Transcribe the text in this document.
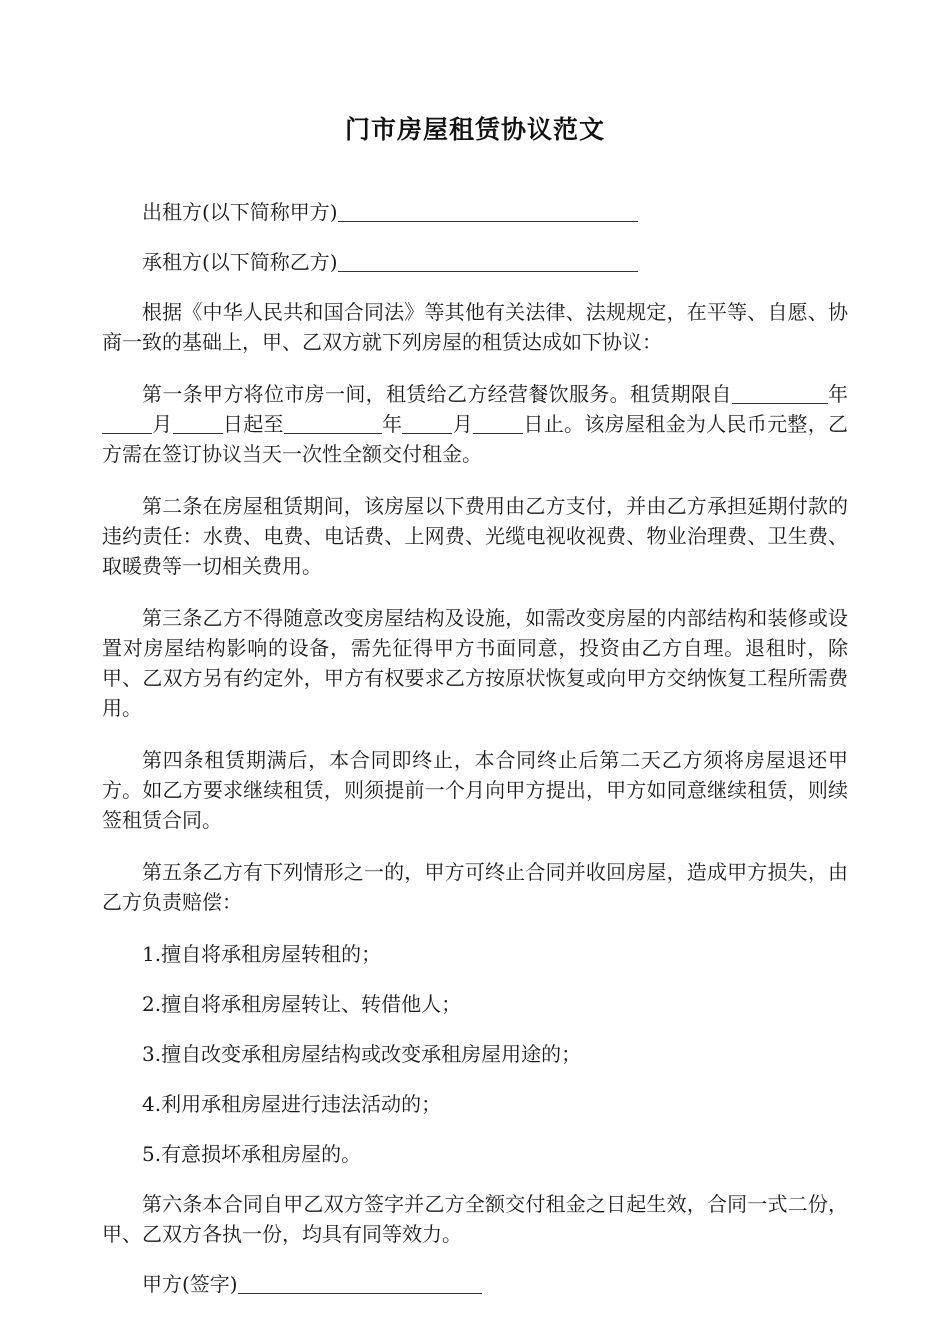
门市房屋租赁协议范文

出租方(以下简称甲方)

承租方(以下简称乙方)

根据《中华人民共和国合同法》等其他有关法律、法规规定，在平等、自愿、协商一致的基础上，甲、乙双方就下列房屋的租赁达成如下协议：

第一条甲方将位市房一间，租赁给乙方经营餐饮服务。租赁期限自	年月	日起至	年	月	日止。该房屋租金为人民币元整，乙方需在签订协议当天一次性全额交付租金。

第二条在房屋租赁期间，该房屋以下费用由乙方支付，并由乙方承担延期付款的违约责任：水费、电费、电话费、上网费、光缆电视收视费、物业治理费、卫生费、取暖费等一切相关费用。

第三条乙方不得随意改变房屋结构及设施，如需改变房屋的内部结构和装修或设置对房屋结构影响的设备，需先征得甲方书面同意，投资由乙方自理。退租时，除甲、乙双方另有约定外，甲方有权要求乙方按原状恢复或向甲方交纳恢复工程所需费用。

第四条租赁期满后，本合同即终止，本合同终止后第二天乙方须将房屋退还甲方。如乙方要求继续租赁，则须提前一个月向甲方提出，甲方如同意继续租赁，则续签租赁合同。

第五条乙方有下列情形之一的，甲方可终止合同并收回房屋，造成甲方损失，由乙方负责赔偿：

1.擅自将承租房屋转租的；

2.擅自将承租房屋转让、转借他人；

3.擅自改变承租房屋结构或改变承租房屋用途的；

4.利用承租房屋进行违法活动的；

5.有意损坏承租房屋的。

第六条本合同自甲乙双方签字并乙方全额交付租金之日起生效，合同一式二份，甲、乙双方各执一份，均具有同等效力。

甲方(签字)
